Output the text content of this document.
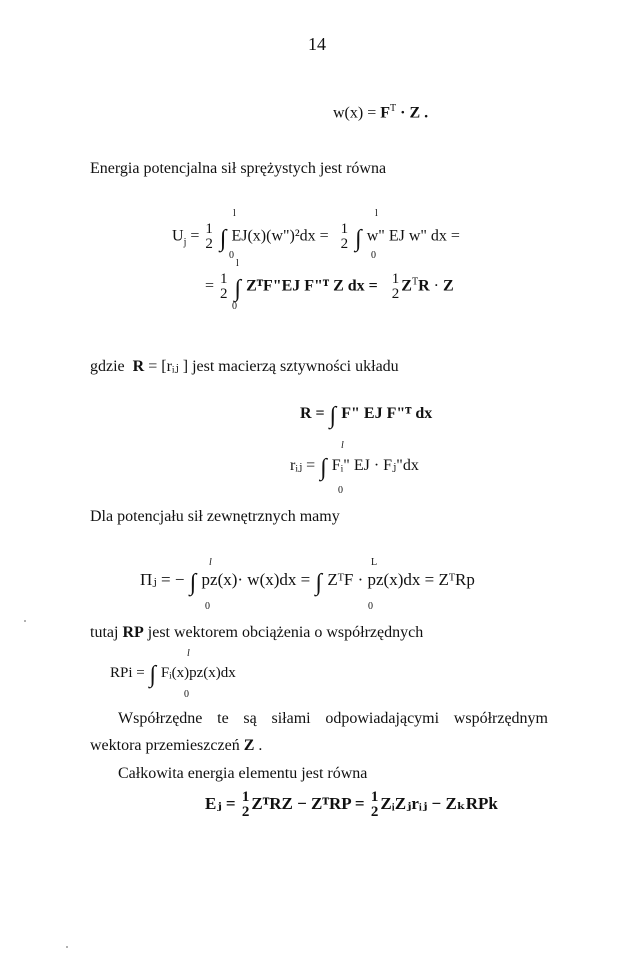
14
$w(x) = F^T \cdot Z$ .
Energia potencjalna sił sprężystych jest równa
$U_j = 1$
2 ∫ EJ(x)(w")²dx = 1
2 ∫ w" EJ w" dx =
l
0
l
0
= 1
2 ∫ ZᵀF"EJ F"ᵀ Z dx = 1
2 $Z^TR \cdot Z$
l
0
gdzie R = [rᵢⱼ ] jest macierzą sztywności układu
R = ∫ F" EJ F"ᵀ dx
l
rᵢⱼ = ∫ Fᵢ" EJ · Fⱼ"dx
0
Dla potencjału sił zewnętrznych mamy
Πⱼ = − ∫ pz(x)· w(x)dx = ∫ ZᵀF · pz(x)dx = ZᵀRp
l
0
L
0
tutaj RP jest wektorem obciążenia o współrzędnych
RPi = ∫ Fᵢ(x)pz(x)dx
l
0
Współrzędne te są siłami odpowiadającymi współrzędnym
wektora przemieszczeń Z .
Całkowita energia elementu jest równa
Eⱼ = 1
2 ZᵀRZ − ZᵀRP = 1
2 ZᵢZⱼrᵢⱼ − ZₖRPk
